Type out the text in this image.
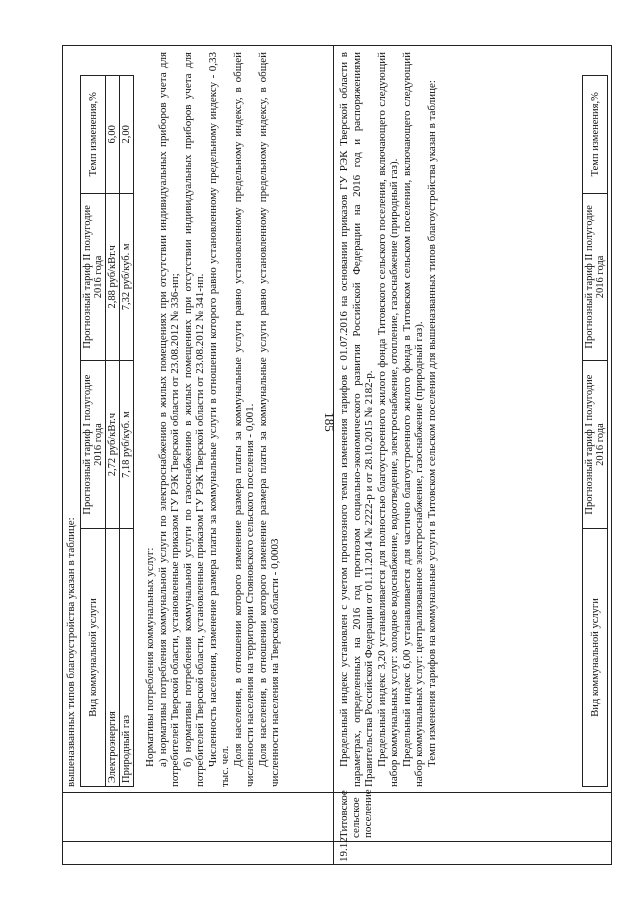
185
вышеназванных типов благоустройства указан в таблице: Вид коммунальной услуги	Прогнозный тариф I полугодие 2016 года	Прогнозный тариф II полугодие 2016 года	Темп изменения,%
Электроэнергия	2,72 руб/кВт.ч	2,88 руб/кВт.ч	6,00
Природный газ	7,18 руб/куб. м	7,32 руб/куб. м	2,00

Нормативы потребления коммунальных услуг: а) нормативы потребления коммунальной услуги по электроснабжению в жилых помещениях при отсутствии индивидуальных приборов учета для потребителей Тверской области, установленные приказом ГУ РЭК Тверской области от 23.08.2012 № 336-нп; б) нормативы потребления коммунальной услуги по газоснабжению в жилых помещениях при отсутствии индивидуальных приборов учета для потребителей Тверской области, установленные приказом ГУ РЭК Тверской области от 23.08.2012 № 341-нп. Численность населения, изменение размера платы за коммунальные услуги в отношении которого равно установленному предельному индексу - 0,33 тыс. чел. Доля населения, в отношении которого изменение размера платы за коммунальные услуги равно установленному предельному индексу, в общей численности населения на территории Стояновского сельского поселения - 0,001. Доля населения, в отношении которого изменение размера платы за коммунальные услуги равно установленному предельному индексу, в общей численности населения на Тверской области - 0,0003

19.12
Титовское сельское поселение

Предельный индекс установлен с учетом прогнозного темпа изменения тарифов с 01.07.2016 на основании приказов ГУ РЭК Тверской области в параметрах, определенных на 2016 год прогнозом социально-экономического развития Российской Федерации на 2016 год и распоряжениями Правительства Российской Федерации от 01.11.2014 № 2222-р и от 28.10.2015 № 2182-р. Предельный индекс 3,20 устанавливается для полностью благоустроенного жилого фонда Титовского сельского поселения, включающего следующий набор коммунальных услуг: холодное водоснабжение, водоотведение, электроснабжение, отопление, газоснабжение (природный газ). Предельный индекс 6,00 устанавливается для частично благоустроенного жилого фонда в Титовском сельском поселении, включающего следующий набор коммунальных услуг: централизованное электроснабжение, газоснабжение (природный газ). Темп изменения тарифов на коммунальные услуги в Титовском сельском поселении для вышеназванных типов благоустройства указан в таблице:	Вид коммунальной услуги	Прогнозный тариф I полугодие 2016 года	Прогнозный тариф II полугодие 2016 года	Темп изменения,%
